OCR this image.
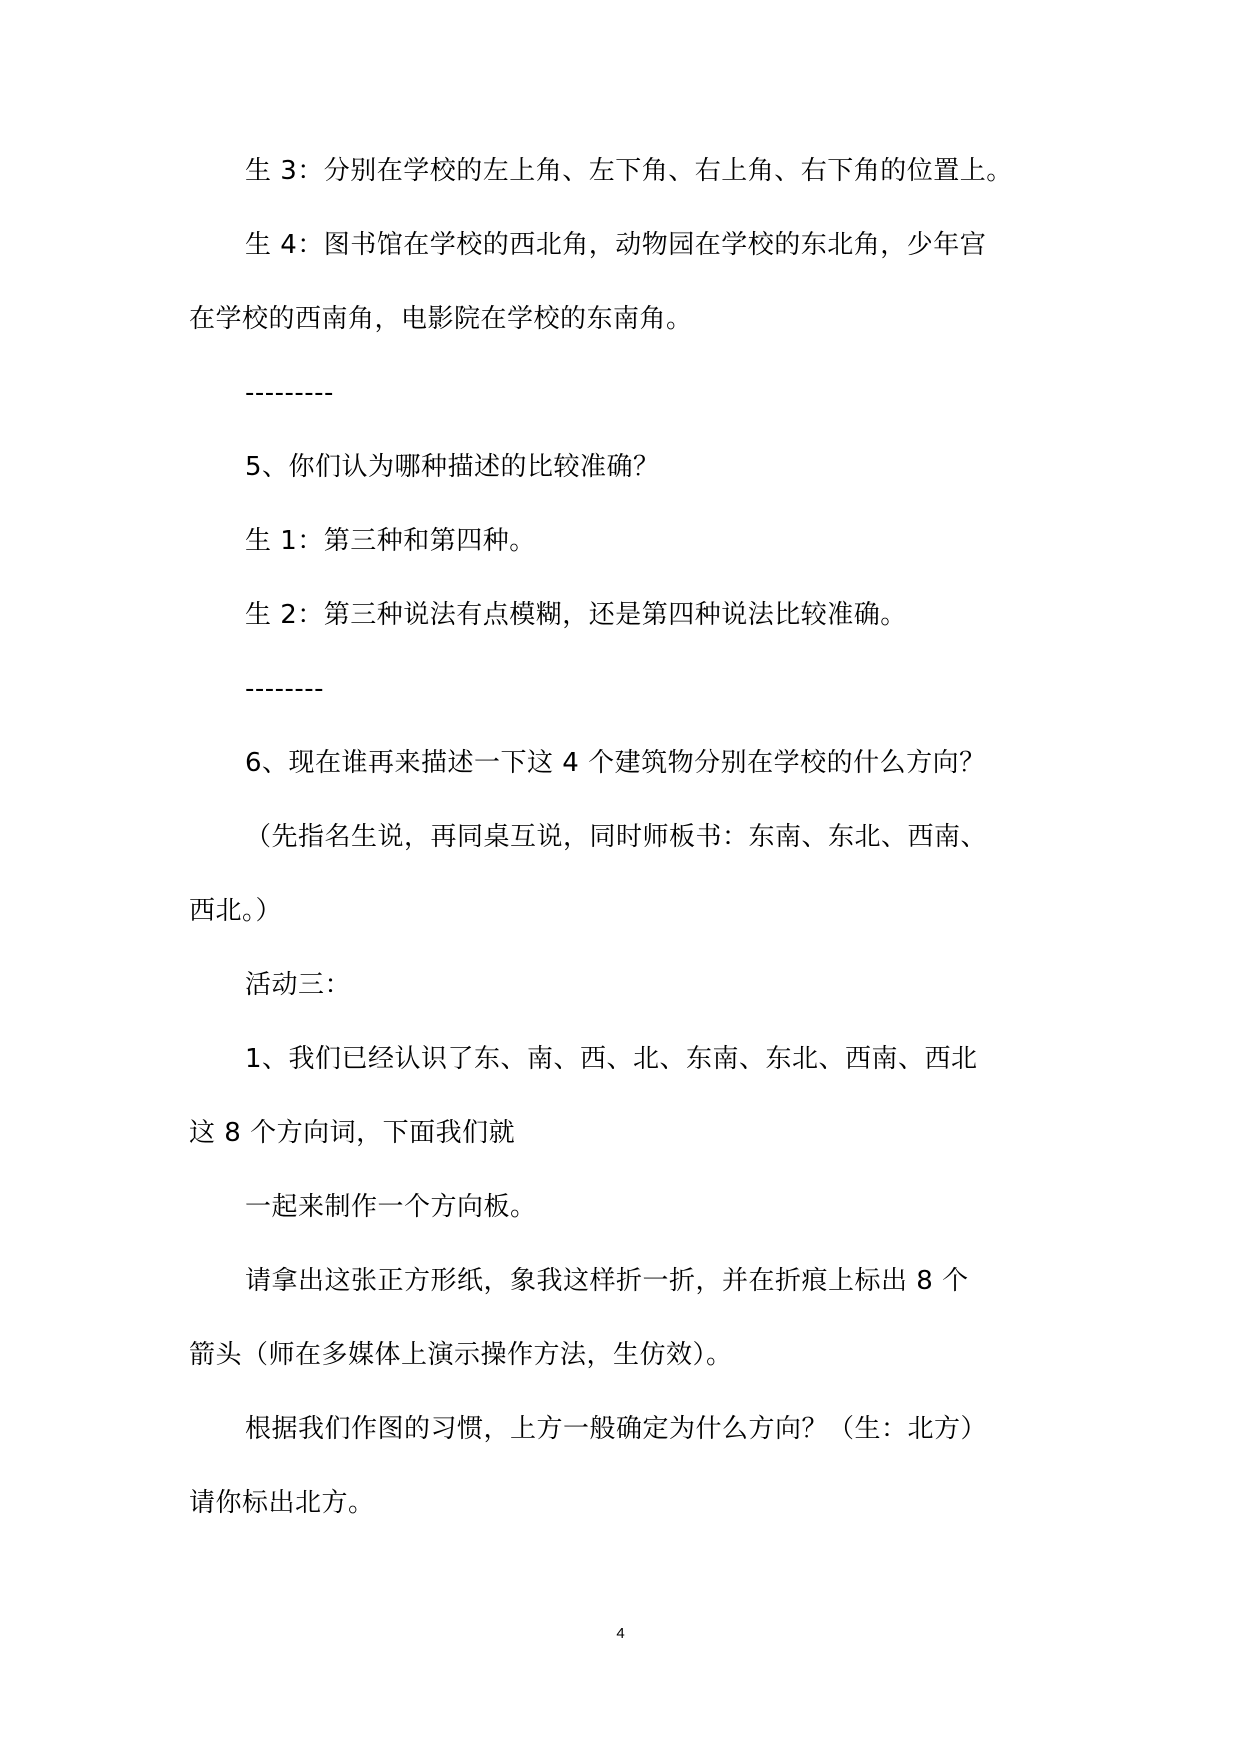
生 3：分别在学校的左上角、左下角、右上角、右下角的位置上。
生 4：图书馆在学校的西北角，动物园在学校的东北角，少年宫
在学校的西南角，电影院在学校的东南角。
---------
5、你们认为哪种描述的比较准确？
生 1：第三种和第四种。
生 2：第三种说法有点模糊，还是第四种说法比较准确。
--------
6、现在谁再来描述一下这 4 个建筑物分别在学校的什么方向？
（先指名生说，再同桌互说，同时师板书：东南、东北、西南、
西北。）
活动三：
1、我们已经认识了东、南、西、北、东南、东北、西南、西北
这 8 个方向词，下面我们就
一起来制作一个方向板。
请拿出这张正方形纸，象我这样折一折，并在折痕上标出 8 个
箭头（师在多媒体上演示操作方法，生仿效）。
根据我们作图的习惯，上方一般确定为什么方向？（生：北方）
请你标出北方。
4
